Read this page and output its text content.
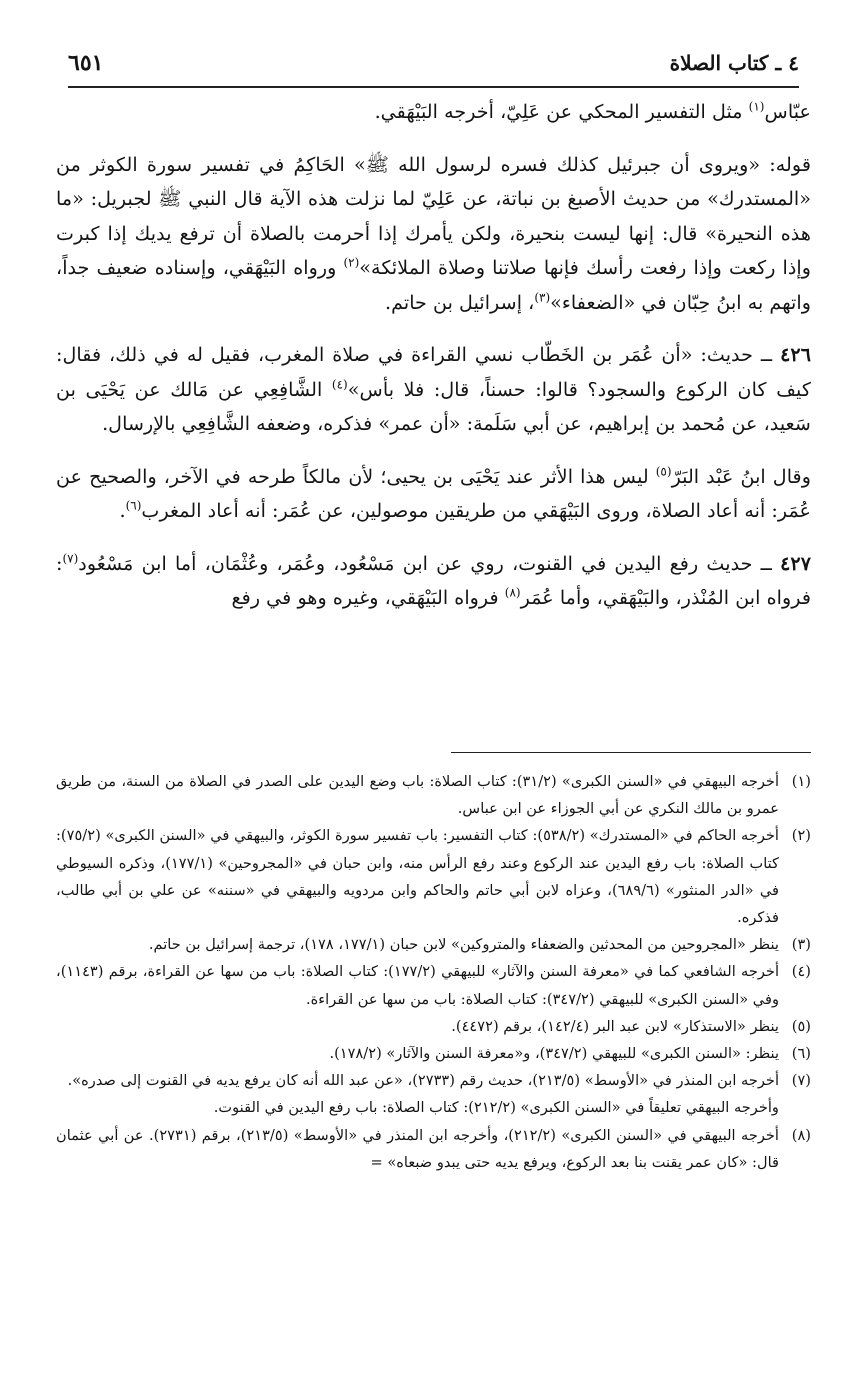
٤ ـ كتاب الصلاة
٦٥١

عبّاس$^{(١)}$ مثل التفسير المحكي عن عَلِيّ، أخرجه البَيْهَقي.

قوله: «ويروى أن جبرئيل كذلك فسره لرسول الله ﷺ» الحَاكِمُ في تفسير سورة الكوثر من «المستدرك» من حديث الأصبغ بن نباتة، عن عَلِيّ لما نزلت هذه الآية قال النبي ﷺ لجبريل: «ما هذه النحيرة» قال: إنها ليست بنحيرة، ولكن يأمرك إذا أحرمت بالصلاة أن ترفع يديك إذا كبرت وإذا ركعت وإذا رفعت رأسك فإنها صلاتنا وصلاة الملائكة»$^{(٢)}$ ورواه البَيْهَقي، وإسناده ضعيف جداً، واتهم به ابنُ حِبّان في «الضعفاء»$^{(٣)}$، إسرائيل بن حاتم.

٤٢٦ ــ حديث: «أن عُمَر بن الخَطّاب نسي القراءة في صلاة المغرب، فقيل له في ذلك، فقال: كيف كان الركوع والسجود؟ قالوا: حسناً، قال: فلا بأس»$^{(٤)}$ الشَّافِعِي عن مَالك عن يَحْيَى بن سَعيد، عن مُحمد بن إبراهيم، عن أبي سَلَمة: «أن عمر» فذكره، وضعفه الشَّافِعِي بالإرسال.

وقال ابنُ عَبْد البَرّ$^{(٥)}$ ليس هذا الأثر عند يَحْيَى بن يحيى؛ لأن مالكاً طرحه في الآخر، والصحيح عن عُمَر: أنه أعاد الصلاة، وروى البَيْهَقي من طريقين موصولين، عن عُمَر: أنه أعاد المغرب$^{(٦)}$.

٤٢٧ ــ حديث رفع اليدين في القنوت، روي عن ابن مَسْعُود، وعُمَر، وعُثْمَان، أما ابن مَسْعُود$^{(٧)}$: فرواه ابن المُنْذر، والبَيْهَقي، وأما عُمَر$^{(٨)}$ فرواه البَيْهَقي، وغيره وهو في رفع

(١)
أخرجه البيهقي في «السنن الكبرى» (٣١/٢): كتاب الصلاة: باب وضع اليدين على الصدر في الصلاة من السنة، من طريق عمرو بن مالك النكري عن أبي الجوزاء عن ابن عباس.
(٢)
أخرجه الحاكم في «المستدرك» (٥٣٨/٢): كتاب التفسير: باب تفسير سورة الكوثر، والبيهقي في «السنن الكبرى» (٧٥/٢): كتاب الصلاة: باب رفع اليدين عند الركوع وعند رفع الرأس منه، وابن حبان في «المجروحين» (١٧٧/١)، وذكره السيوطي في «الدر المنثور» (٦٨٩/٦)، وعزاه لابن أبي حاتم والحاكم وابن مردويه والبيهقي في «سننه» عن علي بن أبي طالب، فذكره.
(٣)
ينظر «المجروحين من المحدثين والضعفاء والمتروكين» لابن حبان (١٧٧/١، ١٧٨)، ترجمة إسرائيل بن حاتم.
(٤)
أخرجه الشافعي كما في «معرفة السنن والآثار» للبيهقي (١٧٧/٢): كتاب الصلاة: باب من سها عن القراءة، برقم (١١٤٣)، وفي «السنن الكبرى» للبيهقي (٣٤٧/٢): كتاب الصلاة: باب من سها عن القراءة.
(٥)
ينظر «الاستذكار» لابن عبد البر (١٤٢/٤)، برقم (٤٤٧٢).
(٦)
ينظر: «السنن الكبرى» للبيهقي (٣٤٧/٢)، و«معرفة السنن والآثار» (١٧٨/٢).
(٧)
أخرجه ابن المنذر في «الأوسط» (٢١٣/٥)، حديث رقم (٢٧٣٣)، «عن عبد الله أنه كان يرفع يديه في القنوت إلى صدره».
وأخرجه البيهقي تعليقاً في «السنن الكبرى» (٢١٢/٢): كتاب الصلاة: باب رفع اليدين في القنوت.
(٨)
أخرجه البيهقي في «السنن الكبرى» (٢١٢/٢)، وأخرجه ابن المنذر في «الأوسط» (٢١٣/٥)، برقم (٢٧٣١). عن أبي عثمان قال: «كان عمر يقنت بنا بعد الركوع، ويرفع يديه حتى يبدو ضبعاه» =
